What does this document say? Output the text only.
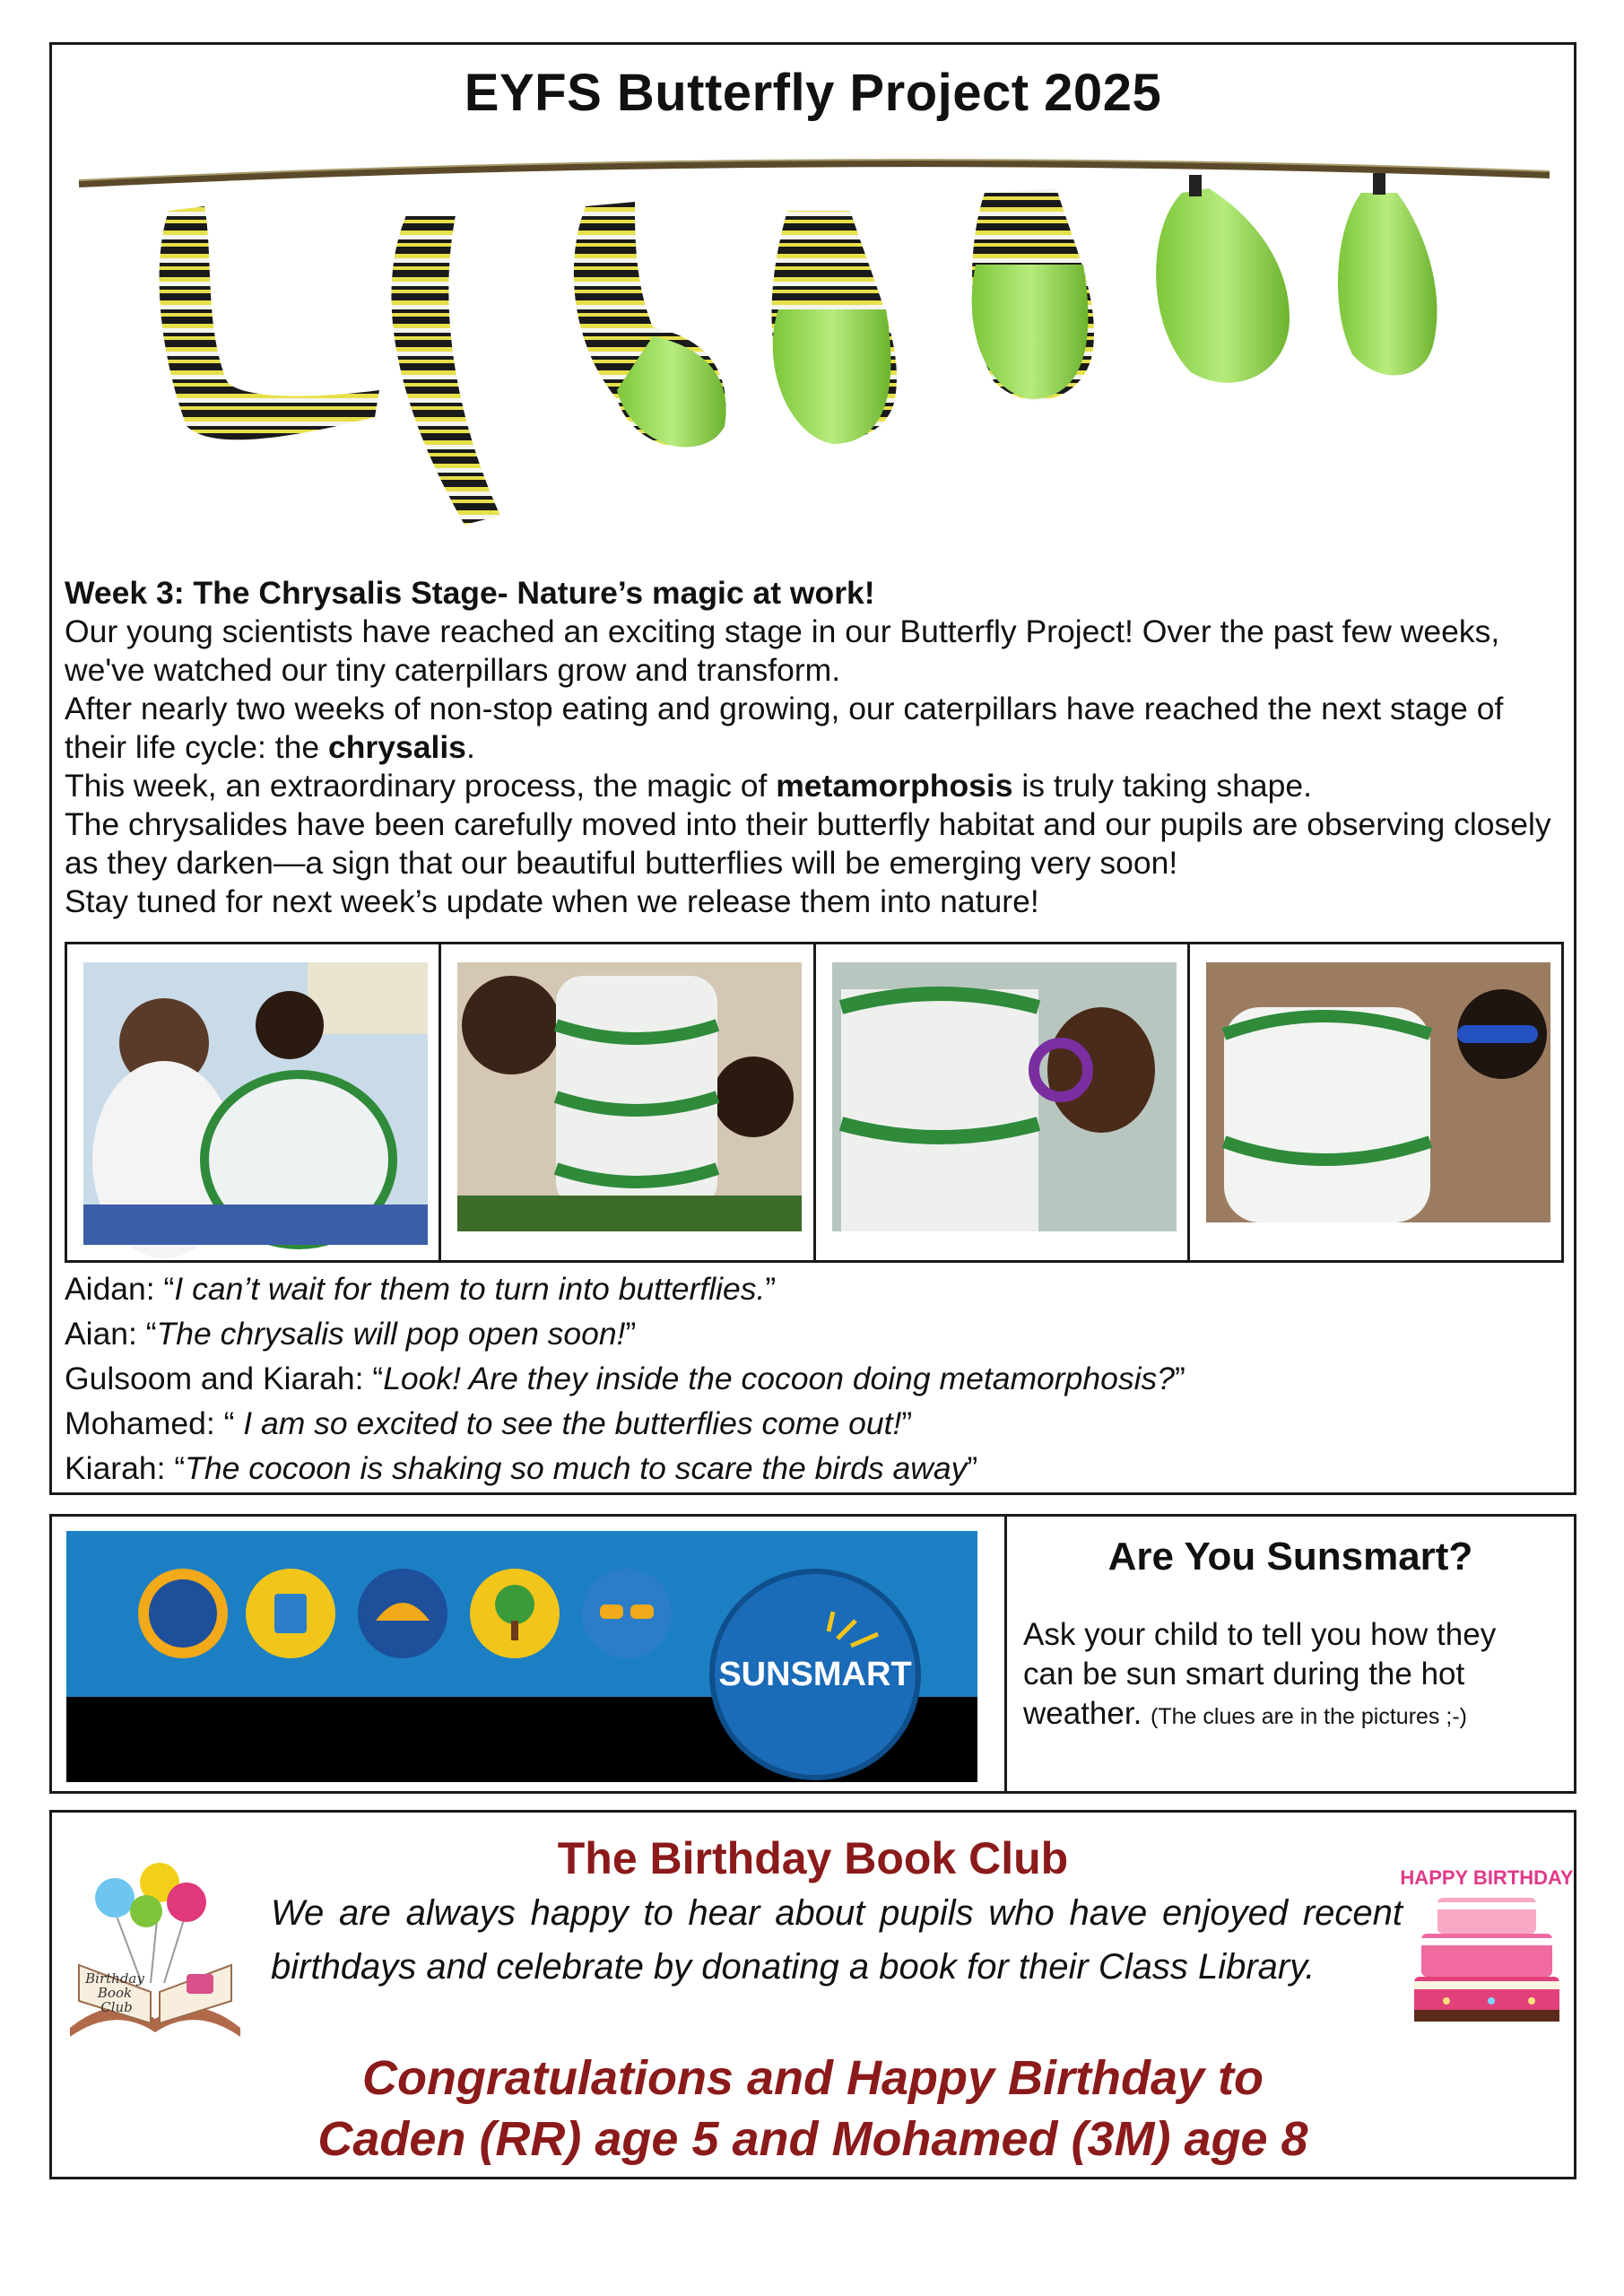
EYFS Butterfly Project 2025

Week 3: The Chrysalis Stage- Nature’s magic at work!

Our young scientists have reached an exciting stage in our Butterfly Project! Over the past few weeks, we've watched our tiny caterpillars grow and transform.

After nearly two weeks of non-stop eating and growing, our caterpillars have reached the next stage of their life cycle: the chrysalis.

This week, an extraordinary process, the magic of metamorphosis is truly taking shape.

The chrysalides have been carefully moved into their butterfly habitat and our pupils are observing closely as they darken—a sign that our beautiful butterflies will be emerging very soon!

Stay tuned for next week’s update when we release them into nature!

Aidan: “I can’t wait for them to turn into butterflies.”
Aian: “The chrysalis will pop open soon!”
Gulsoom and Kiarah: “Look! Are they inside the cocoon doing metamorphosis?”
Mohamed: “ I am so excited to see the butterflies come out!”
Kiarah: “The cocoon is shaking so much to scare the birds away”
SUNSMART
Are You Sunsmart?
Ask your child to tell you how they can be sun smart during the hot weather. (The clues are in the pictures ;-)
Birthday
Book
Club
The Birthday Book Club
We are always happy to hear about pupils who have enjoyed recent birthdays and celebrate by donating a book for their Class Library.
Congratulations and Happy Birthday to
Caden (RR) age 5 and Mohamed (3M) age 8
HAPPY BIRTHDAY
